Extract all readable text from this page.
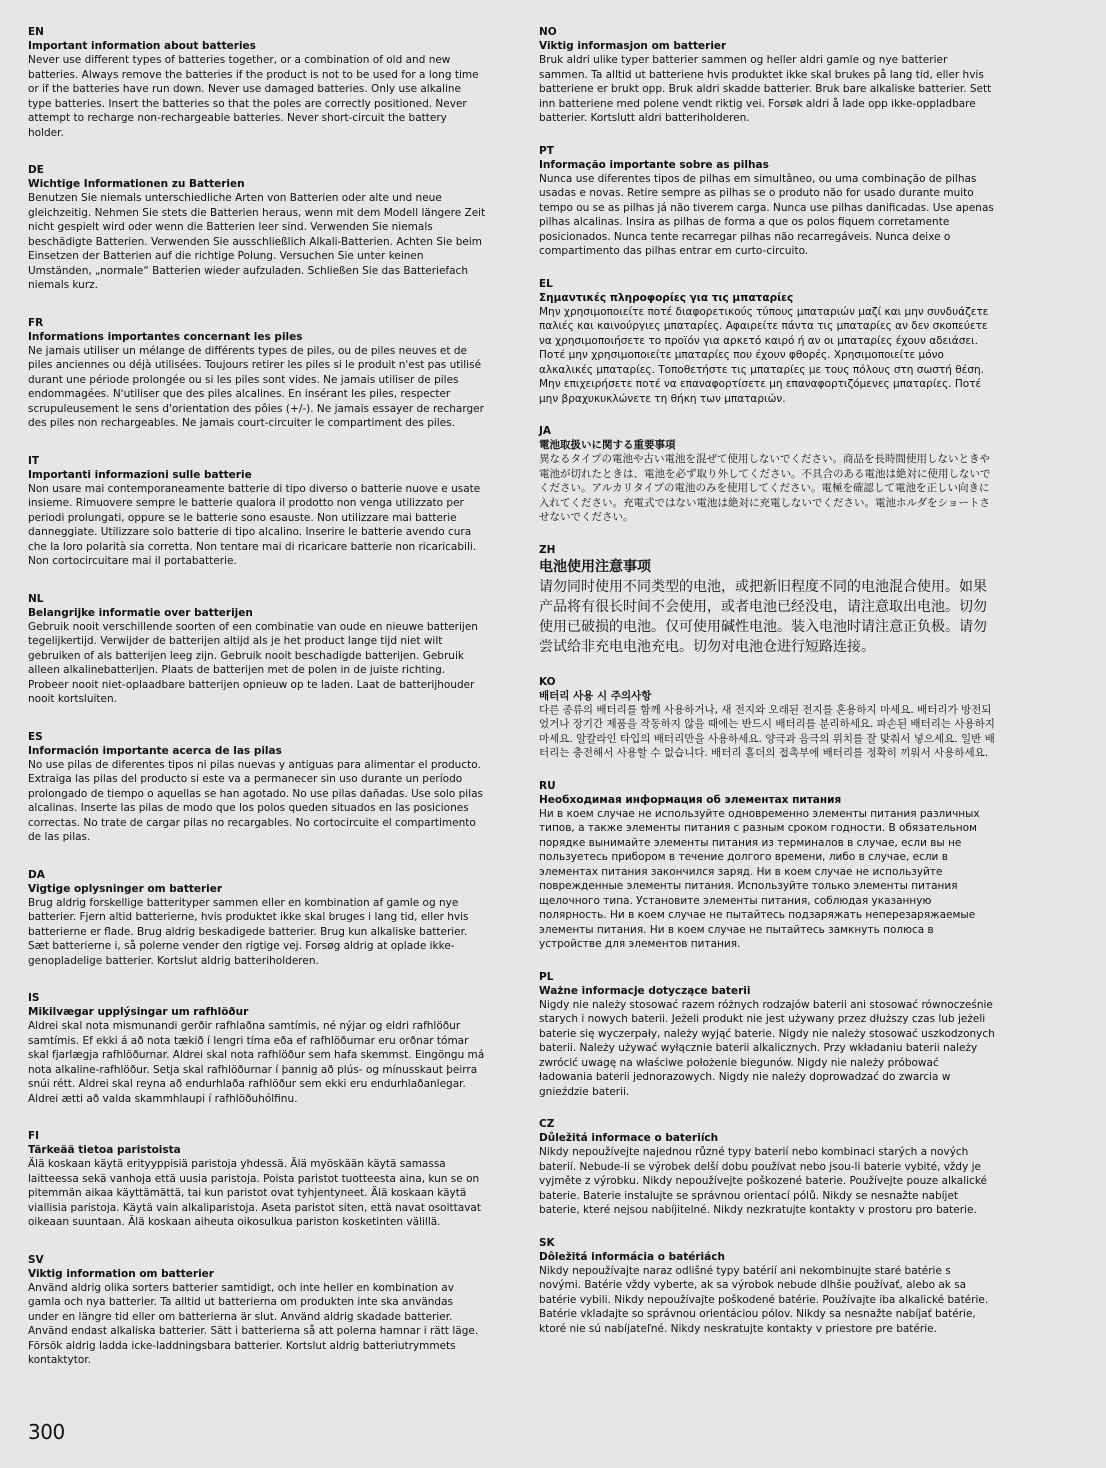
EN

Important information about batteries

Never use different types of batteries together, or a combination of old and new batteries. Always remove the batteries if the product is not to be used for a long time or if the batteries have run down. Never use damaged batteries. Only use alkaline type batteries. Insert the batteries so that the poles are correctly positioned. Never attempt to recharge non-rechargeable batteries. Never short-circuit the battery holder.

DE

Wichtige Informationen zu Batterien

Benutzen Sie niemals unterschiedliche Arten von Batterien oder alte und neue gleichzeitig. Nehmen Sie stets die Batterien heraus, wenn mit dem Modell längere Zeit nicht gespielt wird oder wenn die Batterien leer sind. Verwenden Sie niemals beschädigte Batterien. Verwenden Sie ausschließlich Alkali-Batterien. Achten Sie beim Einsetzen der Batterien auf die richtige Polung. Versuchen Sie unter keinen Umständen, „normale“ Batterien wieder aufzuladen. Schließen Sie das Batteriefach niemals kurz.

FR

Informations importantes concernant les piles

Ne jamais utiliser un mélange de différents types de piles, ou de piles neuves et de piles anciennes ou déjà utilisées. Toujours retirer les piles si le produit n'est pas utilisé durant une période prolongée ou si les piles sont vides. Ne jamais utiliser de piles endommagées. N'utiliser que des piles alcalines. En insérant les piles, respecter scrupuleusement le sens d'orientation des pôles (+/-). Ne jamais essayer de recharger des piles non rechargeables. Ne jamais court-circuiter le compartiment des piles.

IT

Importanti informazioni sulle batterie

Non usare mai contemporaneamente batterie di tipo diverso o batterie nuove e usate insieme. Rimuovere sempre le batterie qualora il prodotto non venga utilizzato per periodi prolungati, oppure se le batterie sono esauste. Non utilizzare mai batterie danneggiate. Utilizzare solo batterie di tipo alcalino. Inserire le batterie avendo cura che la loro polarità sia corretta. Non tentare mai di ricaricare batterie non ricaricabili. Non cortocircuitare mai il portabatterie.

NL

Belangrijke informatie over batterijen

Gebruik nooit verschillende soorten of een combinatie van oude en nieuwe batterijen tegelijkertijd. Verwijder de batterijen altijd als je het product lange tijd niet wilt gebruiken of als batterijen leeg zijn. Gebruik nooit beschadigde batterijen. Gebruik alleen alkalinebatterijen. Plaats de batterijen met de polen in de juiste richting. Probeer nooit niet-oplaadbare batterijen opnieuw op te laden. Laat de batterijhouder nooit kortsluiten.

ES

Información importante acerca de las pilas

No use pilas de diferentes tipos ni pilas nuevas y antiguas para alimentar el producto. Extraiga las pilas del producto si este va a permanecer sin uso durante un período prolongado de tiempo o aquellas se han agotado. No use pilas dañadas. Use solo pilas alcalinas. Inserte las pilas de modo que los polos queden situados en las posiciones correctas. No trate de cargar pilas no recargables. No cortocircuite el compartimento de las pilas.

DA

Vigtige oplysninger om batterier

Brug aldrig forskellige batterityper sammen eller en kombination af gamle og nye batterier. Fjern altid batterierne, hvis produktet ikke skal bruges i lang tid, eller hvis batterierne er flade. Brug aldrig beskadigede batterier. Brug kun alkaliske batterier. Sæt batterierne i, så polerne vender den rigtige vej. Forsøg aldrig at oplade ikke-genopladelige batterier. Kortslut aldrig batteriholderen.

IS

Mikilvægar upplýsingar um rafhlöður

Aldrei skal nota mismunandi gerðir rafhlaðna samtímis, né nýjar og eldri rafhlöður samtímis. Ef ekki á að nota tækið í lengri tíma eða ef rafhlöðurnar eru orðnar tómar skal fjarlægja rafhlöðurnar. Aldrei skal nota rafhlöður sem hafa skemmst. Eingöngu má nota alkaline-rafhlöður. Setja skal rafhlöðurnar í þannig að plús- og mínusskaut þeirra snúi rétt. Aldrei skal reyna að endurhlaða rafhlöður sem ekki eru endurhlaðanlegar. Aldrei ætti að valda skammhlaupi í rafhlöðuhólfinu.

FI

Tärkeää tietoa paristoista

Älä koskaan käytä erityyppisiä paristoja yhdessä. Älä myöskään käytä samassa laitteessa sekä vanhoja että uusia paristoja. Poista paristot tuotteesta aina, kun se on pitemmän aikaa käyttämättä, tai kun paristot ovat tyhjentyneet. Älä koskaan käytä viallisia paristoja. Käytä vain alkaliparistoja. Aseta paristot siten, että navat osoittavat oikeaan suuntaan. Älä koskaan aiheuta oikosulkua pariston kosketinten välillä.

SV

Viktig information om batterier

Använd aldrig olika sorters batterier samtidigt, och inte heller en kombination av gamla och nya batterier. Ta alltid ut batterierna om produkten inte ska användas under en längre tid eller om batterierna är slut. Använd aldrig skadade batterier. Använd endast alkaliska batterier. Sätt i batterierna så att polerna hamnar i rätt läge. Försök aldrig ladda icke-laddningsbara batterier. Kortslut aldrig batteriutrymmets kontaktytor.

NO

Viktig informasjon om batterier

Bruk aldri ulike typer batterier sammen og heller aldri gamle og nye batterier sammen. Ta alltid ut batteriene hvis produktet ikke skal brukes på lang tid, eller hvis batteriene er brukt opp. Bruk aldri skadde batterier. Bruk bare alkaliske batterier. Sett inn batteriene med polene vendt riktig vei. Forsøk aldri å lade opp ikke-oppladbare batterier. Kortslutt aldri batteriholderen.

PT

Informação importante sobre as pilhas

Nunca use diferentes tipos de pilhas em simultâneo, ou uma combinação de pilhas usadas e novas. Retire sempre as pilhas se o produto não for usado durante muito tempo ou se as pilhas já não tiverem carga. Nunca use pilhas danificadas. Use apenas pilhas alcalinas. Insira as pilhas de forma a que os polos fiquem corretamente posicionados. Nunca tente recarregar pilhas não recarregáveis. Nunca deixe o compartimento das pilhas entrar em curto-circuito.

EL

Σημαντικές πληροφορίες για τις μπαταρίες

Μην χρησιμοποιείτε ποτέ διαφορετικούς τύπους μπαταριών μαζί και μην συνδυάζετε παλιές και καινούργιες μπαταρίες. Αφαιρείτε πάντα τις μπαταρίες αν δεν σκοπεύετε να χρησιμοποιήσετε το προϊόν για αρκετό καιρό ή αν οι μπαταρίες έχουν αδειάσει. Ποτέ μην χρησιμοποιείτε μπαταρίες που έχουν φθορές. Χρησιμοποιείτε μόνο αλκαλικές μπαταρίες. Τοποθετήστε τις μπαταρίες με τους πόλους στη σωστή θέση. Μην επιχειρήσετε ποτέ να επαναφορτίσετε μη επαναφορτιζόμενες μπαταρίες. Ποτέ μην βραχυκυκλώνετε τη θήκη των μπαταριών.

JA

電池取扱いに関する重要事項

異なるタイプの電池や古い電池を混ぜて使用しないでください。商品を長時間使用しないときや電池が切れたときは、電池を必ず取り外してください。不具合のある電池は絶対に使用しないでください。アルカリタイプの電池のみを使用してください。電極を確認して電池を正しい向きに入れてください。充電式ではない電池は絶対に充電しないでください。電池ホルダをショートさせないでください。

ZH

电池使用注意事项

请勿同时使用不同类型的电池，或把新旧程度不同的电池混合使用。如果产品将有很长时间不会使用，或者电池已经没电，请注意取出电池。切勿使用已破损的电池。仅可使用碱性电池。装入电池时请注意正负极。请勿尝试给非充电电池充电。切勿对电池仓进行短路连接。

KO

배터리 사용 시 주의사항

다른 종류의 배터리를 함께 사용하거나, 새 전지와 오래된 전지를 혼용하지 마세요. 배터리가 방전되었거나 장기간 제품을 작동하지 않을 때에는 반드시 배터리를 분리하세요. 파손된 배터리는 사용하지 마세요. 알칼라인 타입의 배터리만을 사용하세요. 양극과 음극의 위치를 잘 맞춰서 넣으세요. 일반 배터리는 충전해서 사용할 수 없습니다. 배터리 홀더의 접촉부에 배터리를 정확히 끼워서 사용하세요.

RU

Необходимая информация об элементах питания

Ни в коем случае не используйте одновременно элементы питания различных типов, а также элементы питания с разным сроком годности. В обязательном порядке вынимайте элементы питания из терминалов в случае, если вы не пользуетесь прибором в течение долгого времени, либо в случае, если в элементах питания закончился заряд. Ни в коем случае не используйте поврежденные элементы питания. Используйте только элементы питания щелочного типа. Установите элементы питания, соблюдая указанную полярность. Ни в коем случае не пытайтесь подзаряжать неперезаряжаемые элементы питания. Ни в коем случае не пытайтесь замкнуть полюса в устройстве для элементов питания.

PL

Ważne informacje dotyczące baterii

Nigdy nie należy stosować razem różnych rodzajów baterii ani stosować równocześnie starych i nowych baterii. Jeżeli produkt nie jest używany przez dłuższy czas lub jeżeli baterie się wyczerpały, należy wyjąć baterie. Nigdy nie należy stosować uszkodzonych baterii. Należy używać wyłącznie baterii alkalicznych. Przy wkładaniu baterii należy zwrócić uwagę na właściwe położenie biegunów. Nigdy nie należy próbować ładowania baterii jednorazowych. Nigdy nie należy doprowadzać do zwarcia w gnieździe baterii.

CZ

Důležitá informace o bateriích

Nikdy nepoužívejte najednou různé typy baterií nebo kombinaci starých a nových baterií. Nebude-li se výrobek delší dobu používat nebo jsou-li baterie vybité, vždy je vyjměte z výrobku. Nikdy nepoužívejte poškozené baterie. Používejte pouze alkalické baterie. Baterie instalujte se správnou orientací pólů. Nikdy se nesnažte nabíjet baterie, které nejsou nabíjitelné. Nikdy nezkratujte kontakty v prostoru pro baterie.

SK

Dôležitá informácia o batériách

Nikdy nepoužívajte naraz odlišné typy batérií ani nekombinujte staré batérie s novými. Batérie vždy vyberte, ak sa výrobok nebude dlhšie používať, alebo ak sa batérie vybili. Nikdy nepoužívajte poškodené batérie. Používajte iba alkalické batérie. Batérie vkladajte so správnou orientáciou pólov. Nikdy sa nesnažte nabíjať batérie, ktoré nie sú nabíjateľné. Nikdy neskratujte kontakty v priestore pre batérie.

300
